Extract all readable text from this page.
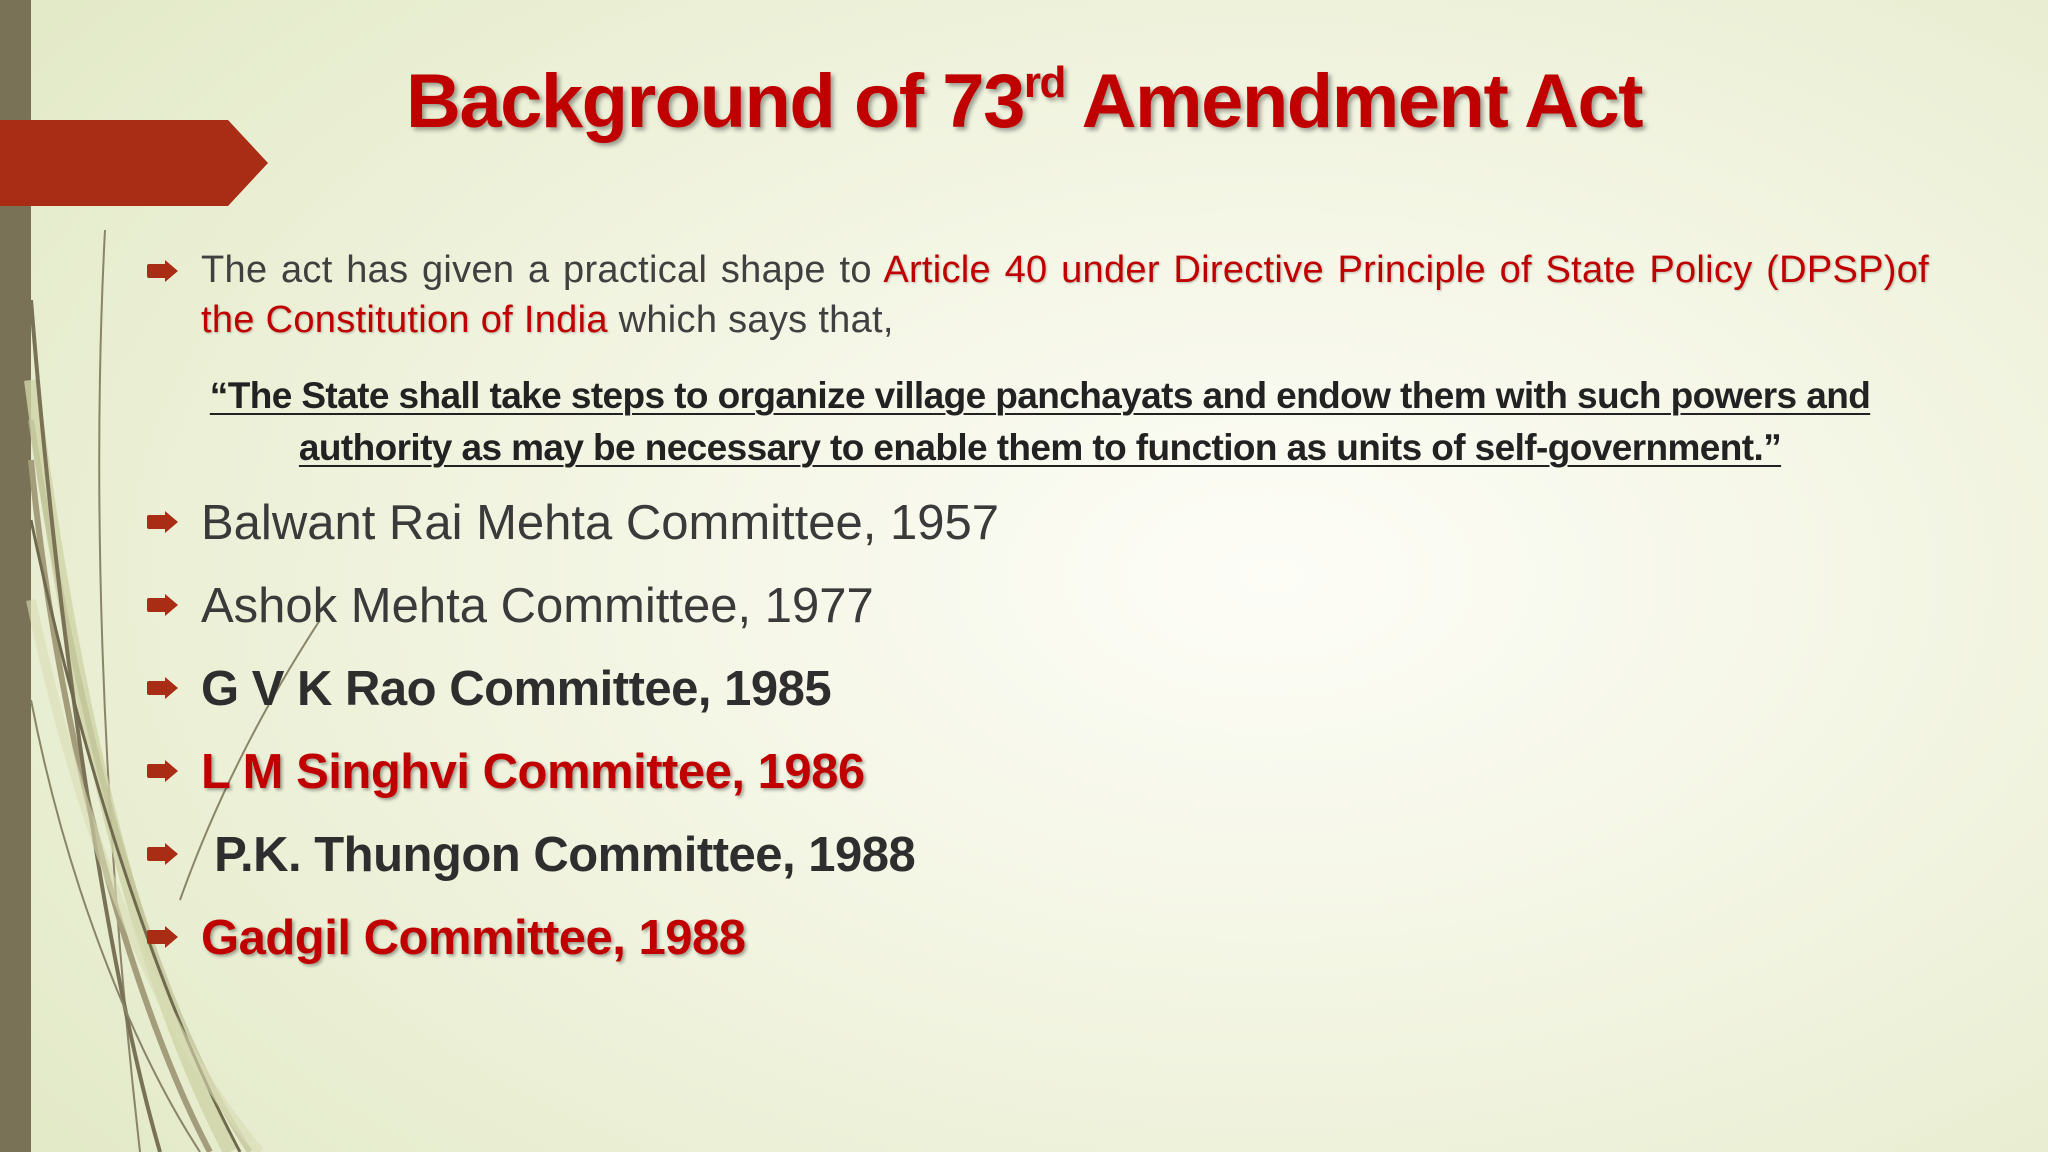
Background of 73rd Amendment Act
The act has given a practical shape to Article 40 under Directive Principle of State Policy (DPSP)of the Constitution of India which says that,
“The State shall take steps to organize village panchayats and endow them with such powers and authority as may be necessary to enable them to function as units of self-government.”
Balwant Rai Mehta Committee, 1957
Ashok Mehta Committee, 1977
G V K Rao Committee, 1985
L M Singhvi Committee, 1986
P.K. Thungon Committee, 1988
Gadgil Committee, 1988
